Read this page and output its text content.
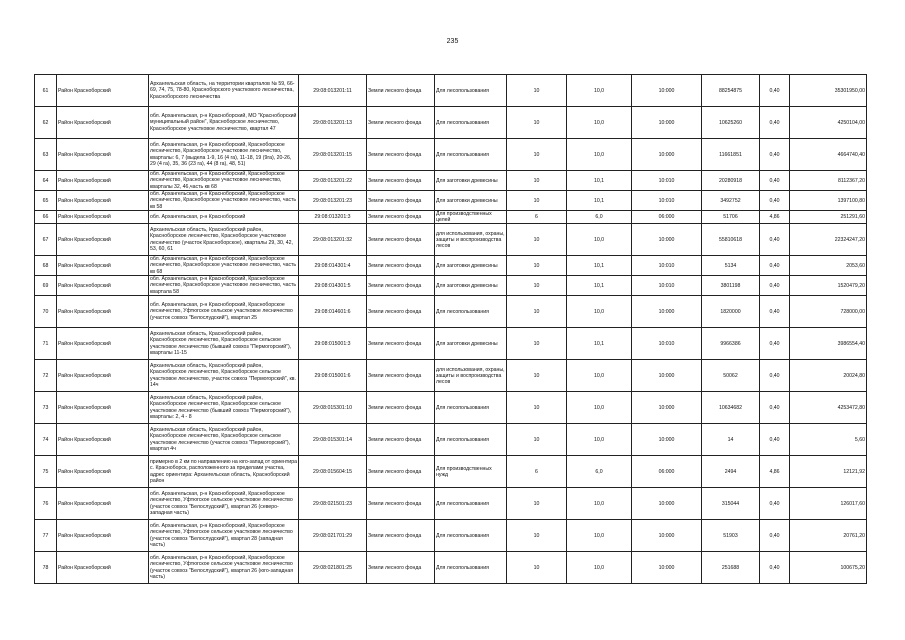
235
61	Район Красноборский	Архангельская область, на территории кварталов № 59, 66-69, 74, 75, 78-80, Красноборского участкового лесничества, Красноборского лесничества	29:08:013201:11	Земли лесного фонда	Для лесопользования	10	10,0	10:000	88254875	0,40	35301950,00
62	Район Красноборский	обл. Архангельская, р-н Красноборский, МО "Красноборский муниципальный район", Красноборское лесничество, Красноборское участковое лесничество, квартал 47	29:08:013201:13	Земли лесного фонда	Для лесопользования	10	10,0	10:000	10625260	0,40	4250104,00
63	Район Красноборский	обл. Архангельская, р-н Красноборский, Красноборское лесничество, Красноборское участковое лесничество, кварталы: 6, 7 (выдела 1-9, 16 (4 га), 11-18, 19 (9га), 20-26, 29 (4 га), 35, 36 (23 га), 44 (8 га), 48, 51)	29:08:013201:15	Земли лесного фонда	Для лесопользования	10	10,0	10:000	11661851	0,40	4664740,40
64	Район Красноборский	обл. Архангельская, р-н Красноборский, Красноборское лесничество, Красноборское участковое лесничество, кварталы 32, 46,часть кв 68	29:08:013201:22	Земли лесного фонда	Для заготовки древесины	10	10,1	10:010	20280918	0,40	8112367,20
65	Район Красноборский	обл. Архангельская, р-н Красноборский, Красноборское лесничество, Красноборское участковое лесничество, часть кв 58	29:08:013201:23	Земли лесного фонда	Для заготовки древесины	10	10,1	10:010	3492752	0,40	1397100,80
66	Район Красноборский	обл. Архангельская, р-н Красноборский	29:08:013201:3	Земли лесного фонда	Для производственных целей	6	6,0	06:000	51706	4,86	251291,60
67	Район Красноборский	Архангельская область, Красноборский район, Красноборское лесничество, Красноборское участковое лесничество (участок Красноборское), кварталы 29, 30, 42, 53, 60, 61	29:08:013201:32	Земли лесного фонда	для использования, охраны, защиты и воспроизводства лесов	10	10,0	10:000	55810618	0,40	22324247,20
68	Район Красноборский	обл. Архангельская, р-н Красноборский, Красноборское лесничество, Красноборское участковое лесничество, часть кв 68	29:08:014301:4	Земли лесного фонда	Для заготовки древесины	10	10,1	10:010	5134	0,40	2053,60
69	Район Красноборский	обл. Архангельская, р-н Красноборский, Красноборское лесничество, Красноборское участковое лесничество, часть квартала 58	29:08:014301:5	Земли лесного фонда	Для заготовки древесины	10	10,1	10:010	3801198	0,40	1520479,20
70	Район Красноборский	обл. Архангельская, р-н Красноборский, Красноборское лесничество, Уфтюгское сельское участковое лесничество (участок совхоз "Белослудский"), квартал 25	29:08:014601:6	Земли лесного фонда	Для лесопользования	10	10,0	10:000	1820000	0,40	728000,00
71	Район Красноборский	Архангельская область, Красноборский район, Красноборское лесничество, Красноборское сельское участковое лесничество (бывший совхоз "Пермогорский"), кварталы 11-15	29:08:015001:3	Земли лесного фонда	Для заготовки древесины	10	10,1	10:010	9966386	0,40	3986554,40
72	Район Красноборский	Архангельская область, Красноборский район, Красноборское лесничество, Красноборское сельское участковое лесничество, участок совхоз "Пермогорский", кв. 14ч	29:08:015001:6	Земли лесного фонда	для использования, охраны, защиты и воспроизводства лесов	10	10,0	10:000	50062	0,40	20024,80
73	Район Красноборский	Архангельская область, Красноборский район, Красноборское лесничество, Красноборское сельское участковое лесничество (бывший совхоз "Пермогорский"), кварталы: 2, 4 - 8	29:08:015301:10	Земли лесного фонда	Для лесопользования	10	10,0	10:000	10634682	0,40	4253472,80
74	Район Красноборский	Архангельская область, Красноборский район, Красноборское лесничество, Красноборское сельское участковое лесничество (участок совхоз "Пермогорский"), квартал 4ч	29:08:015301:14	Земли лесного фонда	Для лесопользования	10	10,0	10:000	14	0,40	5,60
75	Район Красноборский	примерно в 2 км по направлению на юго-запад от ориентира с. Красноборск, расположенного за пределами участка, адрес ориентира: Архангельская область, Красноборский район	29:08:015604:15	Земли лесного фонда	Для производственных нужд	6	6,0	06:000	2494	4,86	12121,92
76	Район Красноборский	обл. Архангельская, р-н Красноборский, Красноборское лесничество, Уфтюгское сельское участковое лесничество (участок совхоз "Белослудский"), квартал 26 (северо-западная часть)	29:08:021501:23	Земли лесного фонда	Для лесопользования	10	10,0	10:000	315044	0,40	126017,60
77	Район Красноборский	обл. Архангельская, р-н Красноборский, Красноборское лесничество, Уфтюгское сельское участковое лесничество (участок совхоз "Белослудский"), квартал 28 (западная часть)	29:08:021701:29	Земли лесного фонда	Для лесопользования	10	10,0	10:000	51903	0,40	20761,20
78	Район Красноборский	обл. Архангельская, р-н Красноборский, Красноборское лесничество, Уфтюгское сельское участковое лесничество (участок совхоз "Белослудский"), квартал 26 (юго-западная часть)	29:08:021801:25	Земли лесного фонда	Для лесопользования	10	10,0	10:000	251688	0,40	100675,20
